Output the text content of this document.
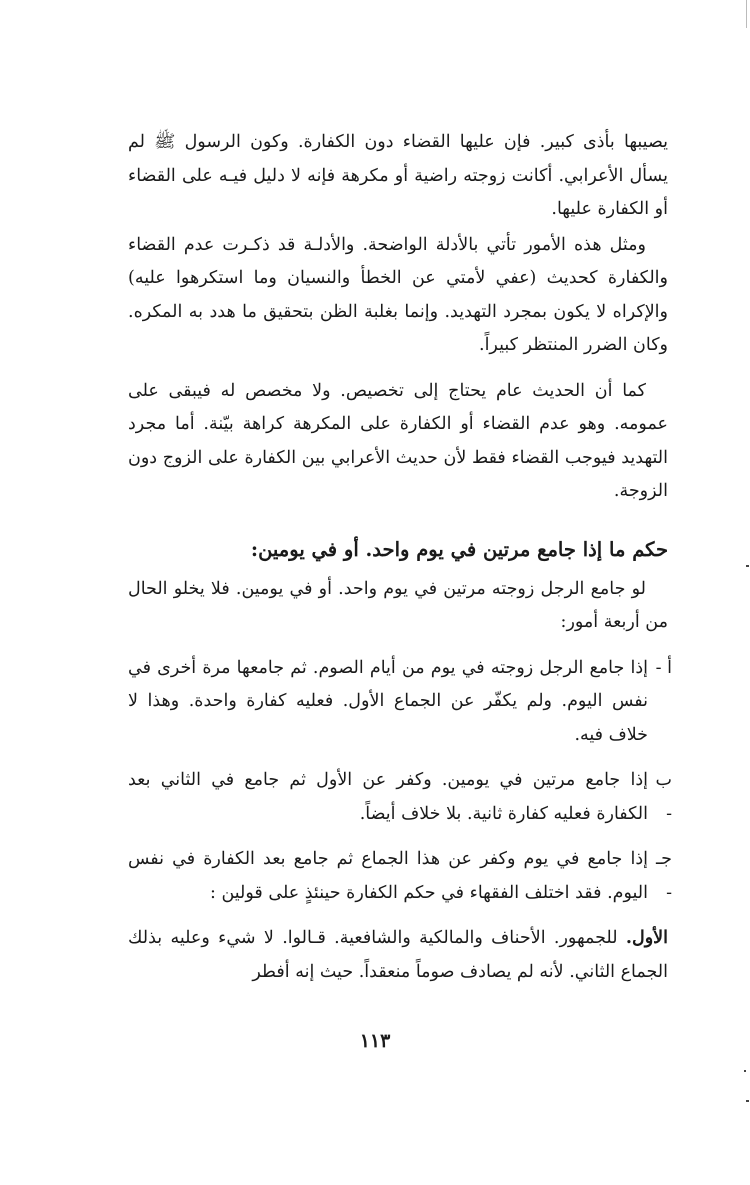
يصيبها بأذى كبير. فإن عليها القضاء دون الكفارة. وكون الرسول ﷺ لم يسأل الأعرابي. أكانت زوجته راضية أو مكرهة فإنه لا دليل فيـه على القضاء أو الكفارة عليها.

ومثل هذه الأمور تأتي بالأدلة الواضحة. والأدلـة قد ذكـرت عدم القضاء والكفارة كحديث (عفي لأمتي عن الخطأ والنسيان وما استكرهوا عليه) والإكراه لا يكون بمجرد التهديد. وإنما بغلبة الظن بتحقيق ما هدد به المكره. وكان الضرر المنتظر كبيراً.

كما أن الحديث عام يحتاج إلى تخصيص. ولا مخصص له فيبقى على عمومه. وهو عدم القضاء أو الكفارة على المكرهة كراهة بيّنة. أما مجرد التهديد فيوجب القضاء فقط لأن حديث الأعرابي بين الكفارة على الزوج دون الزوجة.

حكم ما إذا جامع مرتين في يوم واحد. أو في يومين:

لو جامع الرجل زوجته مرتين في يوم واحد. أو في يومين. فلا يخلو الحال من أربعة أمور:

أ -
إذا جامع الرجل زوجته في يوم من أيام الصوم. ثم جامعها مرة أخرى في نفس اليوم. ولم يكفّر عن الجماع الأول. فعليه كفارة واحدة. وهذا لا خلاف فيه.
ب -
إذا جامع مرتين في يومين. وكفر عن الأول ثم جامع في الثاني بعد الكفارة فعليه كفارة ثانية. بلا خلاف أيضاً.
جـ -
إذا جامع في يوم وكفر عن هذا الجماع ثم جامع بعد الكفارة في نفس اليوم. فقد اختلف الفقهاء في حكم الكفارة حينئذٍ على قولين :

الأول. للجمهور. الأحناف والمالكية والشافعية. قـالوا. لا شيء وعليه بذلك الجماع الثاني. لأنه لم يصادف صوماً منعقداً. حيث إنه أفطر

١١٣
